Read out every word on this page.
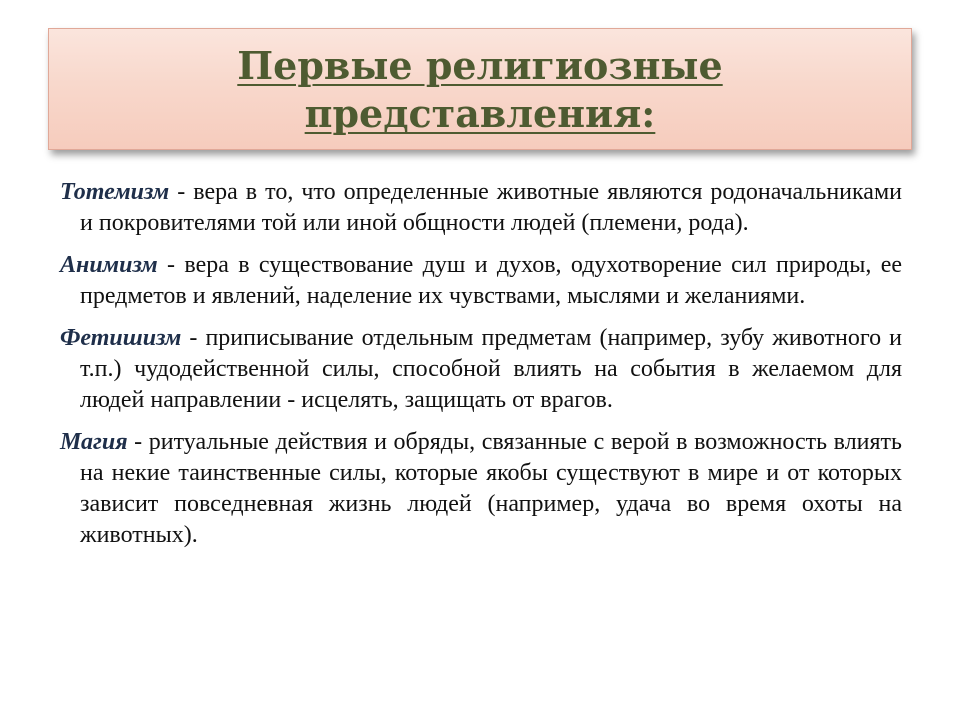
Первые религиозные
представления:

Тотемизм - вера в то, что определенные животные являются родоначальниками и покровителями той или иной общности людей (племени, рода).

Анимизм - вера в существование душ и духов, одухотворение сил природы, ее предметов и явлений, наделение их чувствами, мыслями и желаниями.

Фетишизм - приписывание отдельным предметам (например, зубу животного и т.п.) чудодейственной силы, способной влиять на события в желаемом для людей направлении - исцелять, защищать от врагов.

Магия - ритуальные действия и обряды, связанные с верой в возможность влиять на некие таинственные силы, которые якобы существуют в мире и от которых зависит повседневная жизнь людей (например, удача во время охоты на животных).
